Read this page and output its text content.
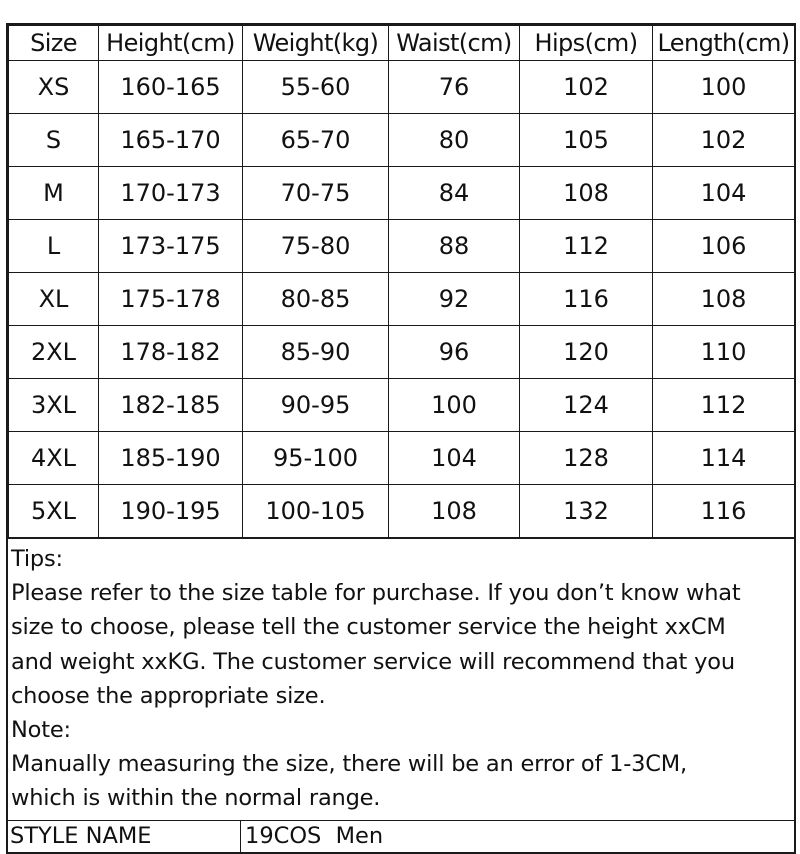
Size	Height(cm)	Weight(kg)	Waist(cm)	Hips(cm)	Length(cm)
XS	160-165	55-60	76	102	100
S	165-170	65-70	80	105	102
M	170-173	70-75	84	108	104
L	173-175	75-80	88	112	106
XL	175-178	80-85	92	116	108
2XL	178-182	85-90	96	120	110
3XL	182-185	90-95	100	124	112
4XL	185-190	95-100	104	128	114
5XL	190-195	100-105	108	132	116

Tips:

Please refer to the size table for purchase. If you don’t know what

size to choose, please tell the customer service the height xxCM

and weight xxKG. The customer service will recommend that you

choose the appropriate size.

Note:

Manually measuring the size, there will be an error of 1-3CM,

which is within the normal range.

STYLE NAME	19COS  Men
